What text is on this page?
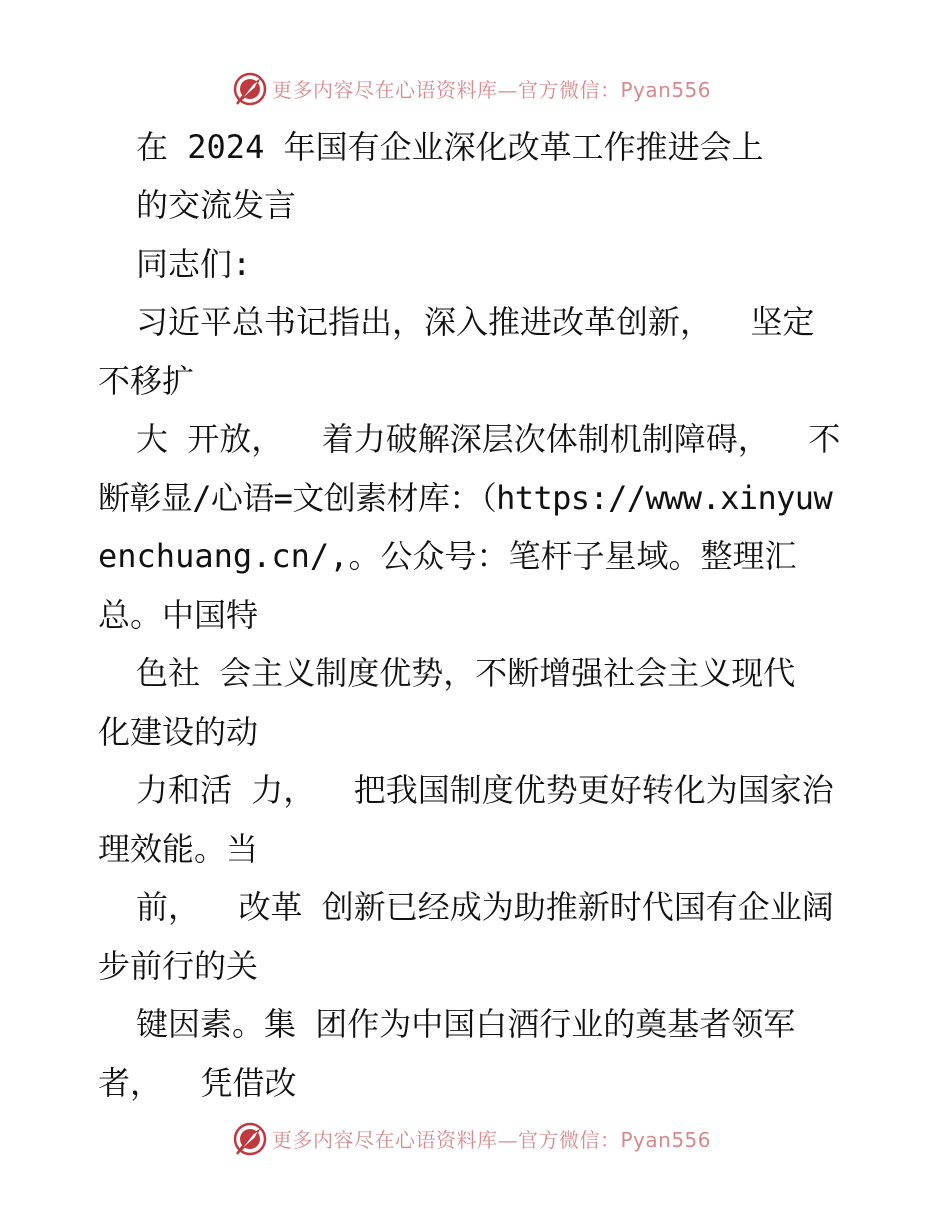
更多内容尽在心语资料库—官方微信：Pyan556
在 2024 年国有企业深化改革工作推进会上
的交流发言
同志们:
习近平总书记指出，深入推进改革创新，  坚定
不移扩
大 开放，  着力破解深层次体制机制障碍，  不
断彰显/心语=文创素材库：（https://www.xinyuw
enchuang.cn/,。公众号：笔杆子星域。整理汇
总。中国特
色社 会主义制度优势，不断增强社会主义现代
化建设的动
力和活 力，  把我国制度优势更好转化为国家治
理效能。当
前，  改革 创新已经成为助推新时代国有企业阔
步前行的关
键因素。集 团作为中国白酒行业的奠基者领军
者，  凭借改
更多内容尽在心语资料库—官方微信：Pyan556
